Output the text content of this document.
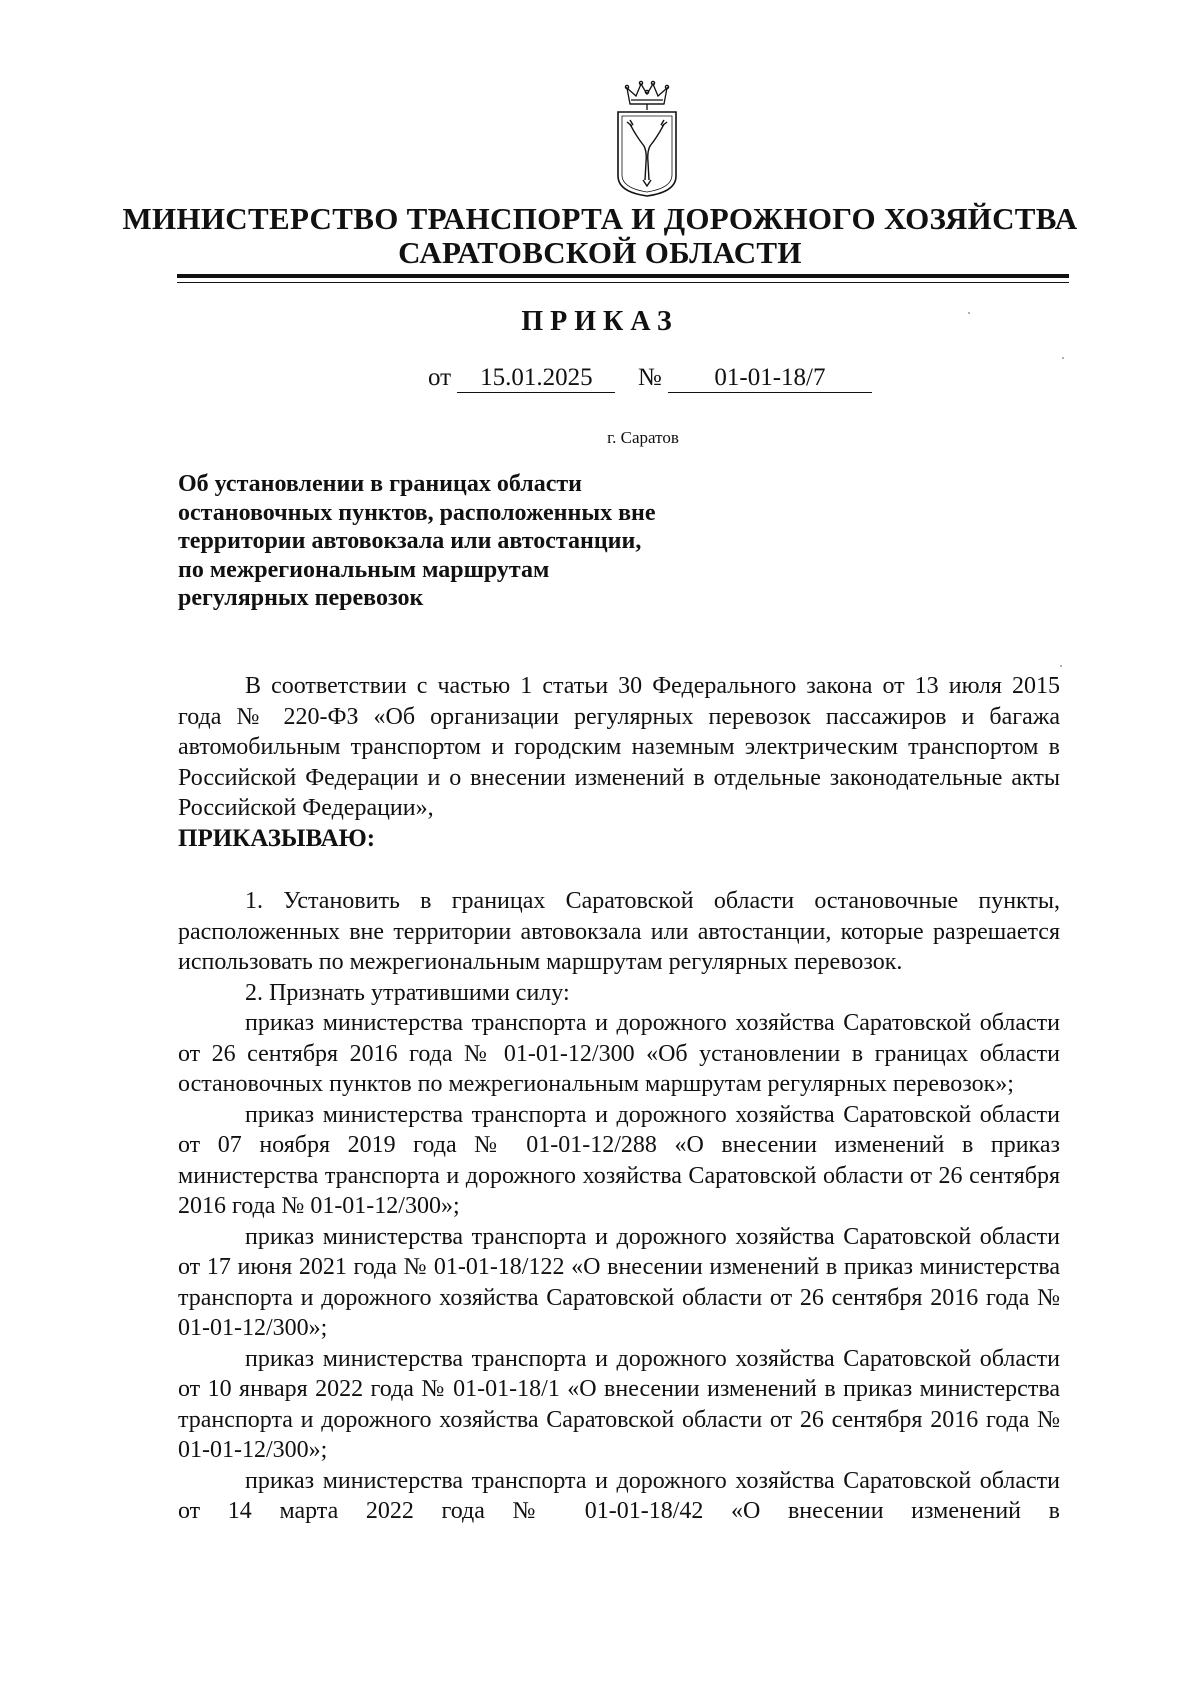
МИНИСТЕРСТВО ТРАНСПОРТА И ДОРОЖНОГО ХОЗЯЙСТВА
САРАТОВСКОЙ ОБЛАСТИ
ПРИКАЗ
от 15.01.2025 № 01-01-18/7
г. Саратов
Об установлении в границах области
остановочных пунктов, расположенных вне
территории автовокзала или автостанции,
по межрегиональным маршрутам
регулярных перевозок

В соответствии с частью 1 статьи 30 Федерального закона от 13 июля 2015 года № 220-ФЗ «Об организации регулярных перевозок пассажиров и багажа автомобильным транспортом и городским наземным электрическим транспортом в Российской Федерации и о внесении изменений в отдельные законодательные акты Российской Федерации»,

ПРИКАЗЫВАЮ:

1. Установить в границах Саратовской области остановочные пункты, расположенных вне территории автовокзала или автостанции, которые разрешается использовать по межрегиональным маршрутам регулярных перевозок.

2. Признать утратившими силу:

приказ министерства транспорта и дорожного хозяйства Саратовской области от 26 сентября 2016 года № 01-01-12/300 «Об установлении в границах области остановочных пунктов по межрегиональным маршрутам регулярных перевозок»;

приказ министерства транспорта и дорожного хозяйства Саратовской области от 07 ноября 2019 года № 01-01-12/288 «О внесении изменений в приказ министерства транспорта и дорожного хозяйства Саратовской области от 26 сентября 2016 года № 01-01-12/300»;

приказ министерства транспорта и дорожного хозяйства Саратовской области от 17 июня 2021 года № 01-01-18/122 «О внесении изменений в приказ министерства транспорта и дорожного хозяйства Саратовской области от 26 сентября 2016 года № 01-01-12/300»;

приказ министерства транспорта и дорожного хозяйства Саратовской области от 10 января 2022 года № 01-01-18/1 «О внесении изменений в приказ министерства транспорта и дорожного хозяйства Саратовской области от 26 сентября 2016 года № 01-01-12/300»;

приказ министерства транспорта и дорожного хозяйства Саратовской области от 14 марта 2022 года № 01-01-18/42 «О внесении изменений в
